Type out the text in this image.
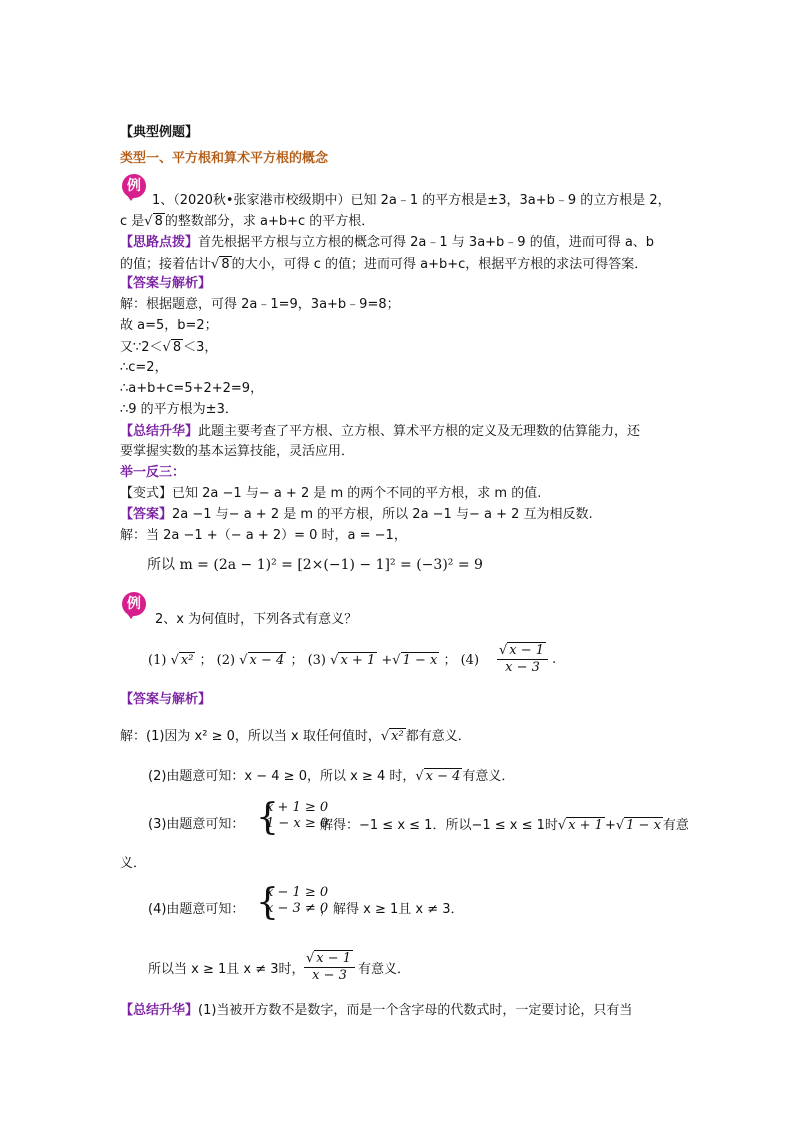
【典型例题】
类型一、平方根和算术平方根的概念
例
1、（2020秋•张家港市校级期中）已知 2a﹣1 的平方根是±3，3a+b﹣9 的立方根是 2，
c 是√ 8 的整数部分，求 a+b+c 的平方根．
【思路点拨】首先根据平方根与立方根的概念可得 2a﹣1 与 3a+b﹣9 的值，进而可得 a、b
的值；接着估计√ 8 的大小，可得 c 的值；进而可得 a+b+c，根据平方根的求法可得答案．
【答案与解析】
解：根据题意，可得 2a﹣1=9，3a+b﹣9=8；
故 a=5，b=2；
又∵2＜√ 8 ＜3，
∴c=2，
∴a+b+c=5+2+2=9，
∴9 的平方根为±3．
【总结升华】此题主要考查了平方根、立方根、算术平方根的定义及无理数的估算能力，还
要掌握实数的基本运算技能，灵活应用．
举一反三：
【变式】已知 2a −1 与− a + 2 是 m 的两个不同的平方根，求 m 的值.
【答案】2a −1 与− a + 2 是 m 的平方根，所以 2a −1 与− a + 2 互为相反数.
解：当 2a −1 +（− a + 2）= 0 时，a = −1，
所以 m = (2a − 1)² = [2×(−1) − 1]² = (−3)² = 9
例
2、x 为何值时，下列各式有意义？
(1) √ x² ； (2) √ x − 4 ； (3) √ x + 1 +√ 1 − x ； (4)
√ x − 1
x − 3
.
【答案与解析】
解：(1)因为 x² ≥ 0，所以当 x 取任何值时，√ x² 都有意义．
(2)由题意可知：x − 4 ≥ 0，所以 x ≥ 4 时，√ x − 4 有意义．
(3)由题意可知： {
x + 1 ≥ 0
1 − x ≥ 0
解得：−1 ≤ x ≤ 1．所以−1 ≤ x ≤ 1时√ x + 1 +√ 1 − x 有意
义．
(4)由题意可知： {
x − 1 ≥ 0
x − 3 ≠ 0
，解得 x ≥ 1且 x ≠ 3．
所以当 x ≥ 1且 x ≠ 3时，
√ x − 1
x − 3 有意义．
【总结升华】(1)当被开方数不是数字，而是一个含字母的代数式时，一定要讨论，只有当
